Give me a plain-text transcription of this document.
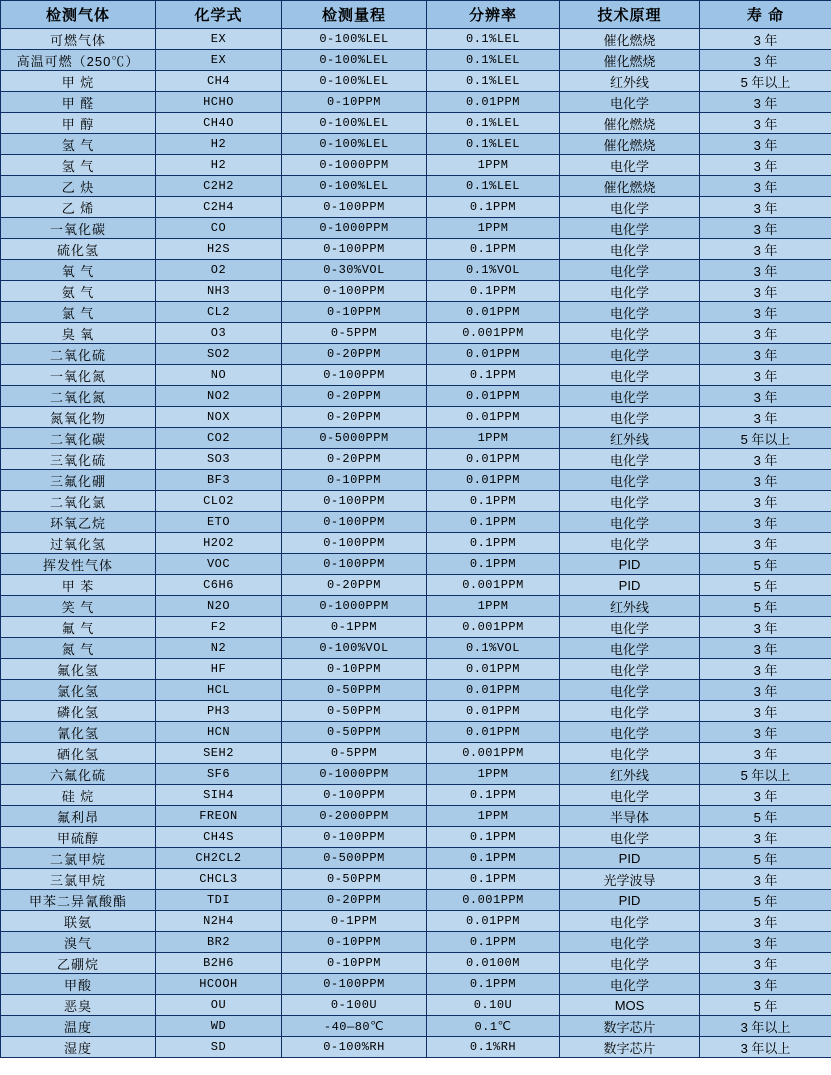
检测气体	化学式	检测量程	分辨率	技术原理	寿 命
可燃气体	EX	0-100%LEL	0.1%LEL	催化燃烧	3 年
高温可燃（250℃）	EX	0-100%LEL	0.1%LEL	催化燃烧	3 年
甲 烷	CH4	0-100%LEL	0.1%LEL	红外线	5 年以上
甲 醛	HCHO	0-10PPM	0.01PPM	电化学	3 年
甲 醇	CH4O	0-100%LEL	0.1%LEL	催化燃烧	3 年
氢 气	H2	0-100%LEL	0.1%LEL	催化燃烧	3 年
氢 气	H2	0-1000PPM	1PPM	电化学	3 年
乙 炔	C2H2	0-100%LEL	0.1%LEL	催化燃烧	3 年
乙 烯	C2H4	0-100PPM	0.1PPM	电化学	3 年
一氧化碳	CO	0-1000PPM	1PPM	电化学	3 年
硫化氢	H2S	0-100PPM	0.1PPM	电化学	3 年
氧 气	O2	0-30%VOL	0.1%VOL	电化学	3 年
氨 气	NH3	0-100PPM	0.1PPM	电化学	3 年
氯 气	CL2	0-10PPM	0.01PPM	电化学	3 年
臭 氧	O3	0-5PPM	0.001PPM	电化学	3 年
二氧化硫	SO2	0-20PPM	0.01PPM	电化学	3 年
一氧化氮	NO	0-100PPM	0.1PPM	电化学	3 年
二氧化氮	NO2	0-20PPM	0.01PPM	电化学	3 年
氮氧化物	NOX	0-20PPM	0.01PPM	电化学	3 年
二氧化碳	CO2	0-5000PPM	1PPM	红外线	5 年以上
三氧化硫	SO3	0-20PPM	0.01PPM	电化学	3 年
三氟化硼	BF3	0-10PPM	0.01PPM	电化学	3 年
二氧化氯	CLO2	0-100PPM	0.1PPM	电化学	3 年
环氧乙烷	ETO	0-100PPM	0.1PPM	电化学	3 年
过氧化氢	H2O2	0-100PPM	0.1PPM	电化学	3 年
挥发性气体	VOC	0-100PPM	0.1PPM	PID	5 年
甲 苯	C6H6	0-20PPM	0.001PPM	PID	5 年
笑 气	N2O	0-1000PPM	1PPM	红外线	5 年
氟 气	F2	0-1PPM	0.001PPM	电化学	3 年
氮 气	N2	0-100%VOL	0.1%VOL	电化学	3 年
氟化氢	HF	0-10PPM	0.01PPM	电化学	3 年
氯化氢	HCL	0-50PPM	0.01PPM	电化学	3 年
磷化氢	PH3	0-50PPM	0.01PPM	电化学	3 年
氰化氢	HCN	0-50PPM	0.01PPM	电化学	3 年
硒化氢	SEH2	0-5PPM	0.001PPM	电化学	3 年
六氟化硫	SF6	0-1000PPM	1PPM	红外线	5 年以上
硅 烷	SIH4	0-100PPM	0.1PPM	电化学	3 年
氟利昂	FREON	0-2000PPM	1PPM	半导体	5 年
甲硫醇	CH4S	0-100PPM	0.1PPM	电化学	3 年
二氯甲烷	CH2CL2	0-500PPM	0.1PPM	PID	5 年
三氯甲烷	CHCL3	0-50PPM	0.1PPM	光学波导	3 年
甲苯二异氰酸酯	TDI	0-20PPM	0.001PPM	PID	5 年
联氨	N2H4	0-1PPM	0.01PPM	电化学	3 年
溴气	BR2	0-10PPM	0.1PPM	电化学	3 年
乙硼烷	B2H6	0-10PPM	0.0100M	电化学	3 年
甲酸	HCOOH	0-100PPM	0.1PPM	电化学	3 年
恶臭	OU	0-100U	0.10U	MOS	5 年
温度	WD	-40—80℃	0.1℃	数字芯片	3 年以上
湿度	SD	0-100%RH	0.1%RH	数字芯片	3 年以上
